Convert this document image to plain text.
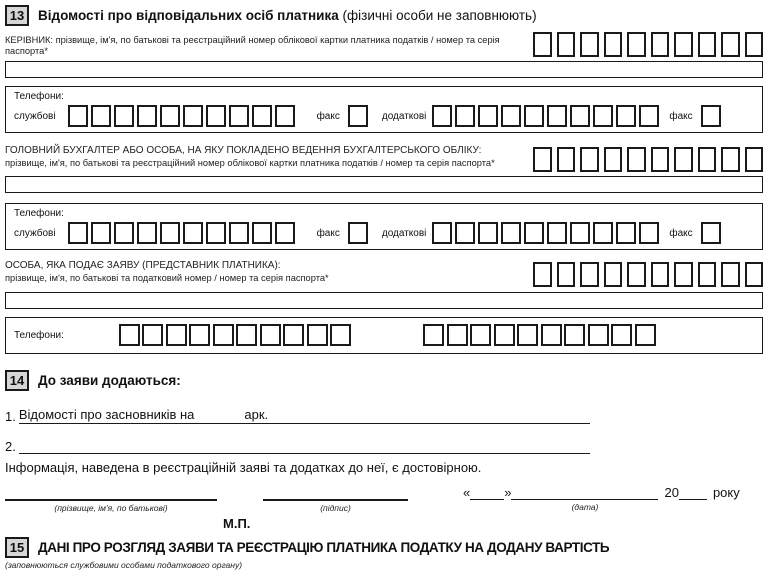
13	Відомості про відповідальних осіб платника (фізичні особи не заповнюють)
КЕРІВНИК: прізвище, ім'я, по батькові та реєстраційний номер облікової картки платника податків / номер та серія паспорта*
Телефони:
службові	факс	додаткові	факс
ГОЛОВНИЙ БУХГАЛТЕР АБО ОСОБА, НА ЯКУ ПОКЛАДЕНО ВЕДЕННЯ БУХГАЛТЕРСЬКОГО ОБЛІКУ:
прізвище, ім'я, по батькові та реєстраційний номер облікової картки платника податків / номер та серія паспорта*
Телефони:
службові	факс	додаткові	факс
ОСОБА, ЯКА ПОДАЄ ЗАЯВУ (ПРЕДСТАВНИК ПЛАТНИКА):
прізвище, ім'я, по батькові та податковий номер / номер та серія паспорта*
Телефони:
14	До заяви додаються:
1. Відомості про засновників на	арк.
2.
Інформація, наведена в реєстраційній заяві та додатках до неї, є достовірною.
(прізвище, ім'я, по батькові)	(підпис)
«	»
(дата)
20	року
М.П.
15	ДАНІ ПРО РОЗГЛЯД ЗАЯВИ ТА РЕЄСТРАЦІЮ ПЛАТНИКА ПОДАТКУ НА ДОДАНУ ВАРТІСТЬ
(заповнюються службовими особами податкового органу)
